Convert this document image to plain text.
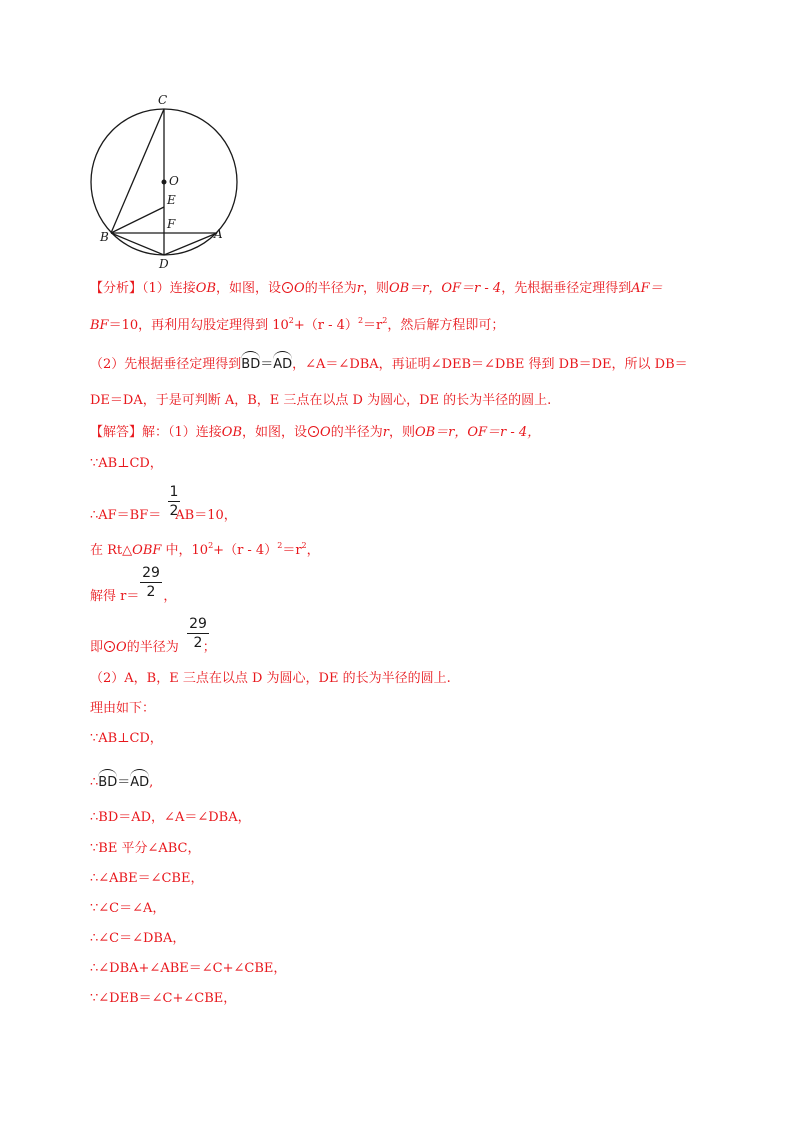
C
O
E
F
B	A
D
【分析】（1）连接OB，如图，设 O的半径为r，则OB＝r，OF＝r - 4，先根据垂径定理得到AF＝
BF＝10，再利用勾股定理得到 $10^2+(r - 4)^2=r^2$，然后解方程即可；
（2）先根据垂径定理得到BD＝AD，∠A＝∠DBA，再证明∠DEB＝∠DBE 得到 DB＝DE，所以 DB＝
DE＝DA，于是可判断 A，B，E 三点在以点 D 为圆心，DE 的长为半径的圆上.
【解答】解：（1）连接OB，如图，设 O的半径为r，则OB＝r，OF＝r - 4，
∵AB⊥CD，
∴AF＝BF＝ AB＝10，
1
2
在 Rt△OBF 中，$10^2+(r - 4)^2=r^2$，
解得 r＝ ，
29
2
即 O的半径为 ；
29
2
（2）A，B，E 三点在以点 D 为圆心，DE 的长为半径的圆上.
理由如下：
∵AB⊥CD，
∴BD＝AD,
∴BD＝AD，∠A＝∠DBA，
∵BE 平分∠ABC，
∴∠ABE＝∠CBE，
∵∠C＝∠A，
∴∠C＝∠DBA，
∴∠DBA+∠ABE＝∠C+∠CBE，
∵∠DEB＝∠C+∠CBE，
